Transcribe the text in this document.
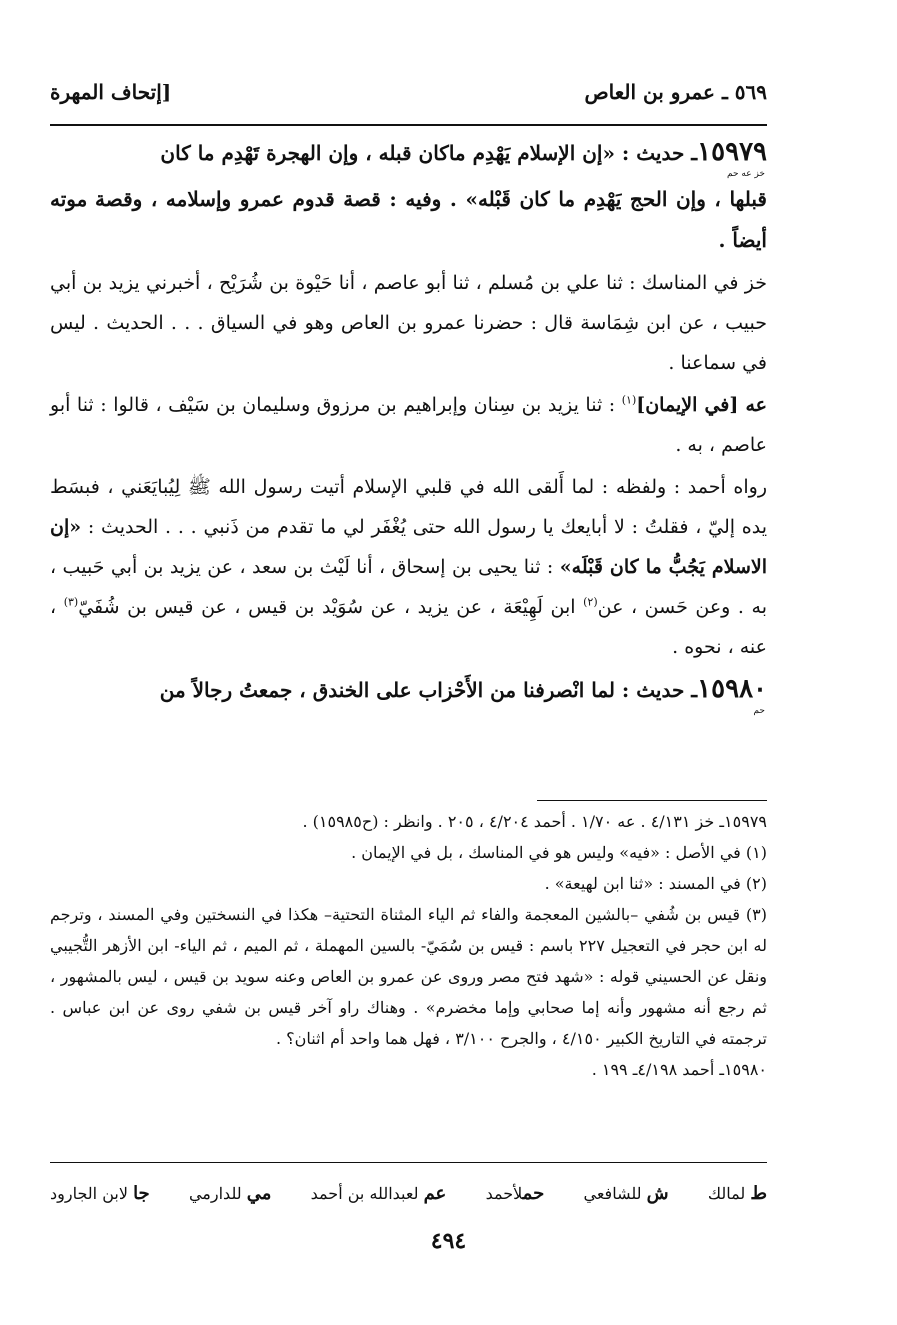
٥٦٩ ـ عمرو بن العاص
[إتحاف المهرة

١٥٩٧٩ـ حديث : «إن الإسلام يَهْدِم ماكان قبله ، وإن الهجرة تَهْدِم ما كان
خز عه حم
قبلها ، وإن الحج يَهْدِم ما كان قَبْله» . وفيه : قصة قدوم عمرو وإسلامه ، وقصة موته أيضاً .

خز في المناسك : ثنا علي بن مُسلم ، ثنا أبو عاصم ، أنا حَيْوة بن شُرَيْح ، أخبرني يزيد بن أبي حبيب ، عن ابن شِمَاسة قال : حضرنا عمرو بن العاص وهو في السياق . . . الحديث . ليس في سماعنا .

عه [في الإيمان]$^{(١)}$ : ثنا يزيد بن سِنان وإبراهيم بن مرزوق وسليمان بن سَيْف ، قالوا : ثنا أبو عاصم ، به .

رواه أحمد : ولفظه : لما أَلقى الله في قلبي الإسلام أتيت رسول الله ﷺ لِيُبايَعَني ، فبسَط يده إليّ ، فقلتُ : لا أبايعك يا رسول الله حتى يُغْفَر لي ما تقدم من ذَنبي . . . الحديث : «إن الاسلام يَجُبُّ ما كان قَبْلَه» : ثنا يحيى بن إسحاق ، أنا لَيْث بن سعد ، عن يزيد بن أبي حَبيب ، به . وعن حَسن ، عن$^{(٢)}$ ابن لَهِيْعَة ، عن يزيد ، عن سُوَيْد بن قيس ، عن قيس بن شُفَيّ$^{(٣)}$ ، عنه ، نحوه .

١٥٩٨٠ـ حديث : لما انْصرفنا من الأَحْزاب على الخندق ، جمعتُ رجالاً من
حم

١٥٩٧٩ـ خز ٤/١٣١ . عه ١/٧٠ . أحمد ٤/٢٠٤ ، ٢٠٥ . وانظر : (ح١٥٩٨٥) .

(١) في الأصل : «فيه» وليس هو في المناسك ، بل في الإيمان .

(٢) في المسند : «ثنا ابن لهيعة» .

(٣) قيس بن شُفي –بالشين المعجمة والفاء ثم الياء المثناة التحتية– هكذا في النسختين وفي المسند ، وترجم له ابن حجر في التعجيل ٢٢٧ باسم : قيس بن سُمَيّ- بالسين المهملة ، ثم الميم ، ثم الياء- ابن الأزهر التُّجيبي ونقل عن الحسيني قوله : «شهد فتح مصر وروى عن عمرو بن العاص وعنه سويد بن قيس ، ليس بالمشهور ، ثم رجع أنه مشهور وأنه إما صحابي وإما مخضرم» . وهناك راو آخر قيس بن شفي روى عن ابن عباس . ترجمته في التاريخ الكبير ٤/١٥٠ ، والجرح ٣/١٠٠ ، فهل هما واحد أم اثنان؟ .

١٥٩٨٠ـ أحمد ٤/١٩٨ـ ١٩٩ .

ط لمالك
ش للشافعي
حملأحمد
عم لعبدالله بن أحمد
مي للدارمي
جا لابن الجارود
٤٩٤
